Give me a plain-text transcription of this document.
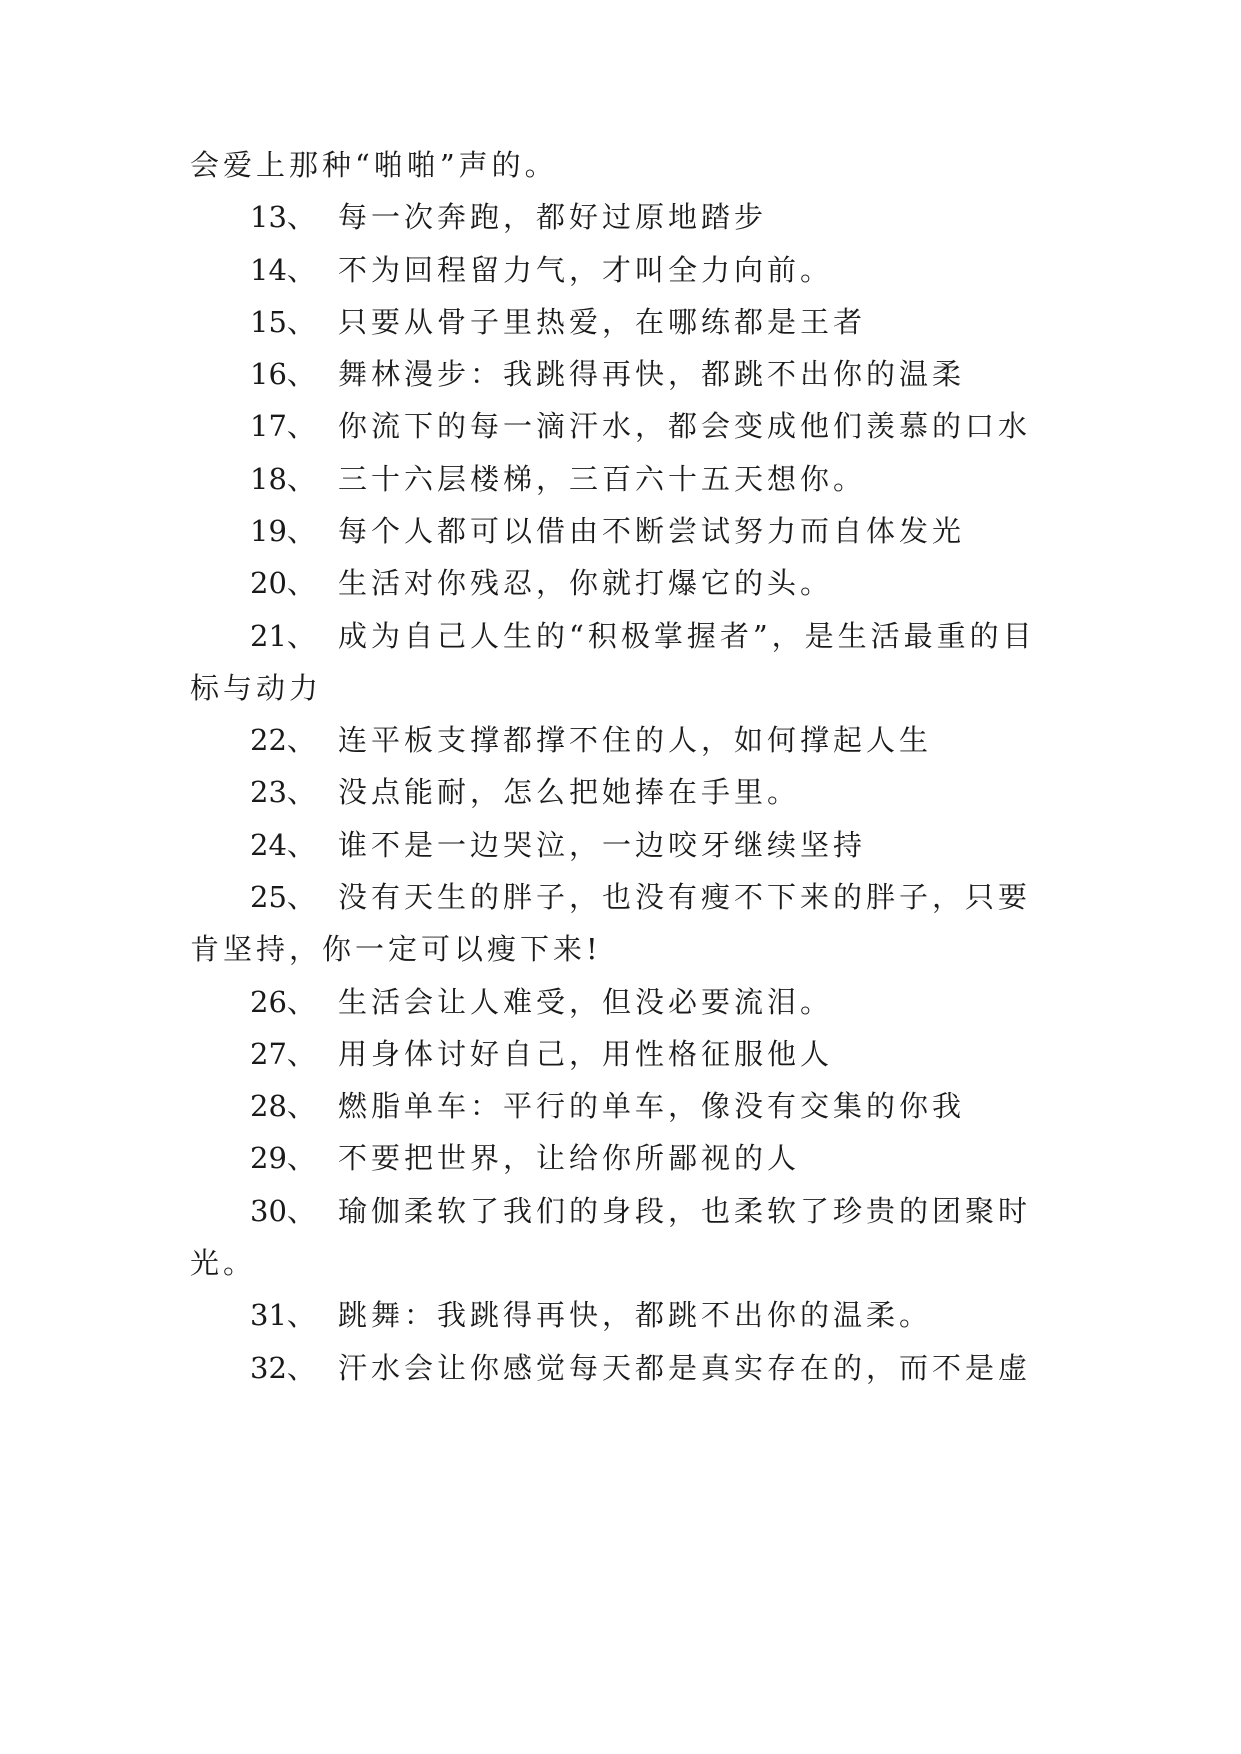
会爱上那种“啪啪”声的。
13、 每一次奔跑，都好过原地踏步
14、 不为回程留力气，才叫全力向前。
15、 只要从骨子里热爱，在哪练都是王者
16、 舞林漫步：我跳得再快，都跳不出你的温柔
17、 你流下的每一滴汗水，都会变成他们羡慕的口水
18、 三十六层楼梯，三百六十五天想你。
19、 每个人都可以借由不断尝试努力而自体发光
20、 生活对你残忍，你就打爆它的头。
21、 成为自己人生的“积极掌握者”，是生活最重的目
标与动力
22、 连平板支撑都撑不住的人，如何撑起人生
23、 没点能耐，怎么把她捧在手里。
24、 谁不是一边哭泣，一边咬牙继续坚持
25、 没有天生的胖子，也没有瘦不下来的胖子，只要
肯坚持，你一定可以瘦下来!
26、 生活会让人难受，但没必要流泪。
27、 用身体讨好自己，用性格征服他人
28、 燃脂单车：平行的单车，像没有交集的你我
29、 不要把世界，让给你所鄙视的人
30、 瑜伽柔软了我们的身段，也柔软了珍贵的团聚时
光。
31、 跳舞：我跳得再快，都跳不出你的温柔。
32、 汗水会让你感觉每天都是真实存在的，而不是虚
